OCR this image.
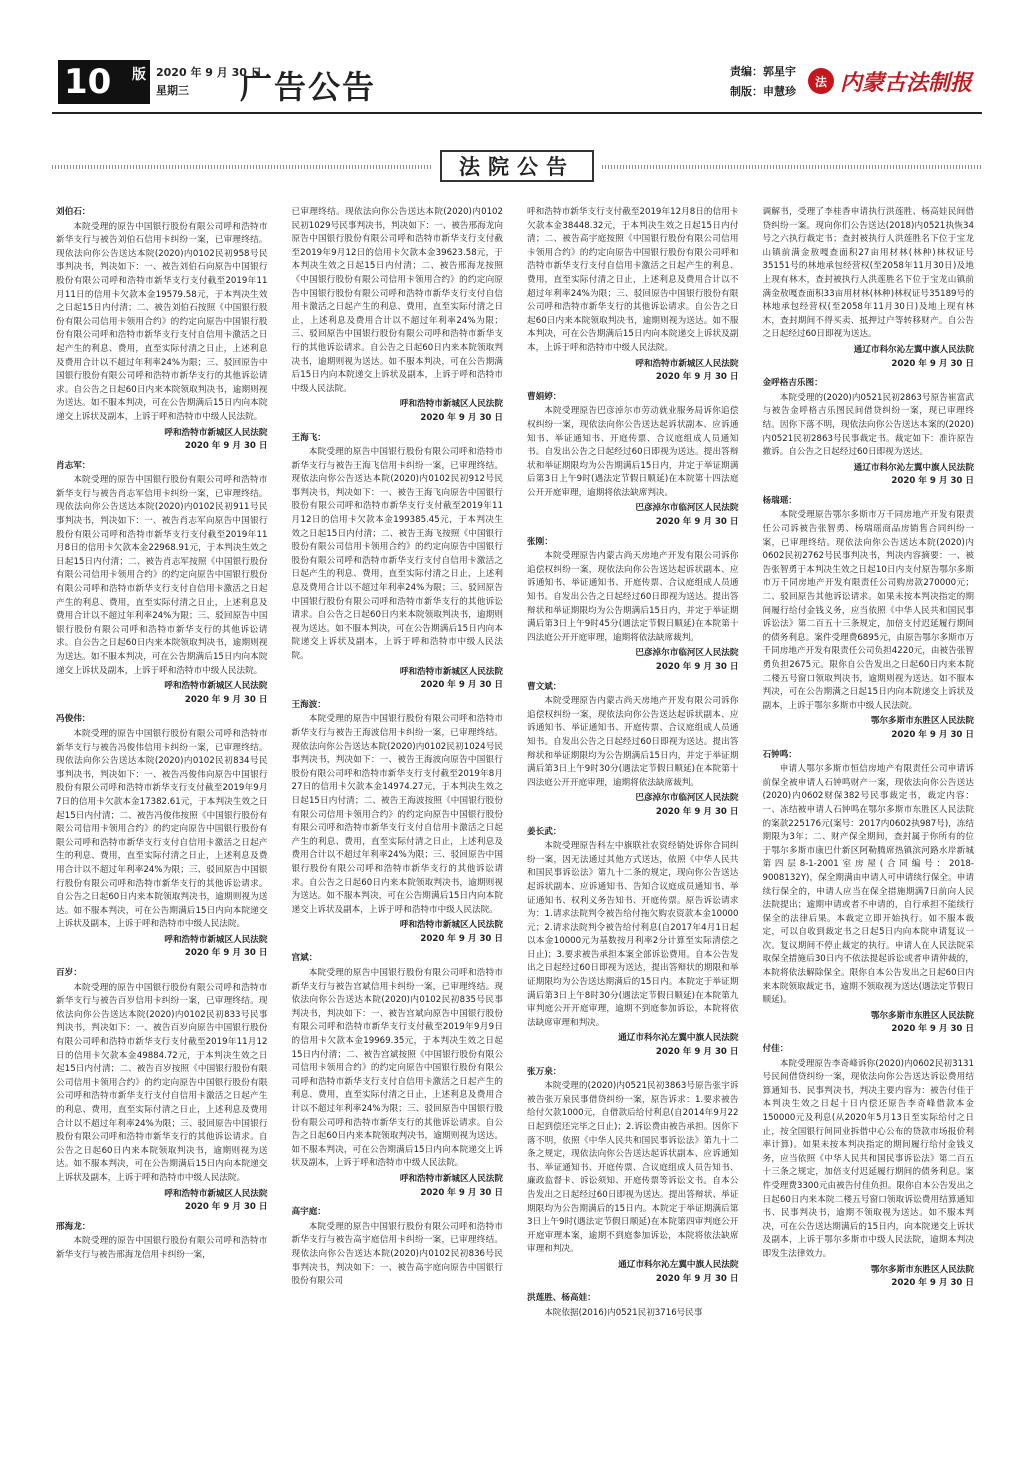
10 版 2020 年 9 月 30 日
星期三	广告公告	责编：郭星宇
制版：申慧珍
法 内蒙古法制报
法院公告
刘伯石：
本院受理的原告中国银行股份有限公司呼和浩特市新华支行与被告刘伯石信用卡纠纷一案，已审理终结。现依法向你公告送达本院(2020)内0102民初958号民事判决书，判决如下：一、被告刘伯石向原告中国银行股份有限公司呼和浩特市新华支行支付截至2019年11月11日的信用卡欠款本金19579.58元，于本判决生效之日起15日内付清；二、被告刘伯石按照《中国银行股份有限公司信用卡领用合约》的约定向原告中国银行股份有限公司呼和浩特市新华支行支付自信用卡激活之日起产生的利息、费用，直至实际付清之日止，上述利息及费用合计以不超过年利率24%为限；三、驳回原告中国银行股份有限公司呼和浩特市新华支行的其他诉讼请求。自公告之日起60日内来本院领取判决书，逾期则视为送达。如不服本判决，可在公告期满后15日内向本院递交上诉状及副本，上诉于呼和浩特市中级人民法院。
呼和浩特市新城区人民法院
2020 年 9 月 30 日
肖志军：
本院受理的原告中国银行股份有限公司呼和浩特市新华支行与被告肖志军信用卡纠纷一案，已审理终结。现依法向你公告送达本院(2020)内0102民初911号民事判决书，判决如下：一、被告肖志军向原告中国银行股份有限公司呼和浩特市新华支行支付截至2019年11月8日的信用卡欠款本金22968.91元，于本判决生效之日起15日内付清；二、被告肖志军按照《中国银行股份有限公司信用卡领用合约》的约定向原告中国银行股份有限公司呼和浩特市新华支行支付自信用卡激活之日起产生的利息、费用，直至实际付清之日止，上述利息及费用合计以不超过年利率24%为限；三、驳回原告中国银行股份有限公司呼和浩特市新华支行的其他诉讼请求。自公告之日起60日内来本院领取判决书，逾期则视为送达。如不服本判决，可在公告期满后15日内向本院递交上诉状及副本，上诉于呼和浩特市中级人民法院。
呼和浩特市新城区人民法院
2020 年 9 月 30 日
冯俊伟：
本院受理的原告中国银行股份有限公司呼和浩特市新华支行与被告冯俊伟信用卡纠纷一案，已审理终结。现依法向你公告送达本院(2020)内0102民初834号民事判决书，判决如下：一、被告冯俊伟向原告中国银行股份有限公司呼和浩特市新华支行支付截至2019年9月7日的信用卡欠款本金17382.61元，于本判决生效之日起15日内付清；二、被告冯俊伟按照《中国银行股份有限公司信用卡领用合约》的约定向原告中国银行股份有限公司呼和浩特市新华支行支付自信用卡激活之日起产生的利息、费用，直至实际付清之日止，上述利息及费用合计以不超过年利率24%为限；三、驳回原告中国银行股份有限公司呼和浩特市新华支行的其他诉讼请求。自公告之日起60日内来本院领取判决书，逾期则视为送达。如不服本判决，可在公告期满后15日内向本院递交上诉状及副本，上诉于呼和浩特市中级人民法院。
呼和浩特市新城区人民法院
2020 年 9 月 30 日
百岁：
本院受理的原告中国银行股份有限公司呼和浩特市新华支行与被告百岁信用卡纠纷一案，已审理终结。现依法向你公告送达本院(2020)内0102民初833号民事判决书，判决如下：一、被告百岁向原告中国银行股份有限公司呼和浩特市新华支行支付截至2019年11月12日的信用卡欠款本金49884.72元，于本判决生效之日起15日内付清；二、被告百岁按照《中国银行股份有限公司信用卡领用合约》的约定向原告中国银行股份有限公司呼和浩特市新华支行支付自信用卡激活之日起产生的利息、费用，直至实际付清之日止，上述利息及费用合计以不超过年利率24%为限；三、驳回原告中国银行股份有限公司呼和浩特市新华支行的其他诉讼请求。自公告之日起60日内来本院领取判决书，逾期则视为送达。如不服本判决，可在公告期满后15日内向本院递交上诉状及副本，上诉于呼和浩特市中级人民法院。
呼和浩特市新城区人民法院
2020 年 9 月 30 日
邢海龙：
本院受理的原告中国银行股份有限公司呼和浩特市新华支行与被告邢海龙信用卡纠纷一案，
已审理终结。现依法向你公告送达本院(2020)内0102民初1029号民事判决书，判决如下：一、被告邢海龙向原告中国银行股份有限公司呼和浩特市新华支行支付截至2019年9月12日的信用卡欠款本金39623.58元，于本判决生效之日起15日内付清；二、被告邢海龙按照《中国银行股份有限公司信用卡领用合约》的约定向原告中国银行股份有限公司呼和浩特市新华支行支付自信用卡激活之日起产生的利息、费用，直至实际付清之日止，上述利息及费用合计以不超过年利率24%为限；三、驳回原告中国银行股份有限公司呼和浩特市新华支行的其他诉讼请求。自公告之日起60日内来本院领取判决书，逾期则视为送达。如不服本判决，可在公告期满后15日内向本院递交上诉状及副本，上诉于呼和浩特市中级人民法院。
呼和浩特市新城区人民法院
2020 年 9 月 30 日
王海飞：
本院受理的原告中国银行股份有限公司呼和浩特市新华支行与被告王海飞信用卡纠纷一案，已审理终结。现依法向你公告送达本院(2020)内0102民初912号民事判决书，判决如下：一、被告王海飞向原告中国银行股份有限公司呼和浩特市新华支行支付截至2019年11月12日的信用卡欠款本金199385.45元，于本判决生效之日起15日内付清；二、被告王海飞按照《中国银行股份有限公司信用卡领用合约》的约定向原告中国银行股份有限公司呼和浩特市新华支行支付自信用卡激活之日起产生的利息、费用，直至实际付清之日止，上述利息及费用合计以不超过年利率24%为限；三、驳回原告中国银行股份有限公司呼和浩特市新华支行的其他诉讼请求。自公告之日起60日内来本院领取判决书，逾期则视为送达。如不服本判决，可在公告期满后15日内向本院递交上诉状及副本，上诉于呼和浩特市中级人民法院。
呼和浩特市新城区人民法院
2020 年 9 月 30 日
王海波：
本院受理的原告中国银行股份有限公司呼和浩特市新华支行与被告王海波信用卡纠纷一案，已审理终结。现依法向你公告送达本院(2020)内0102民初1024号民事判决书，判决如下：一、被告王海波向原告中国银行股份有限公司呼和浩特市新华支行支付截至2019年8月27日的信用卡欠款本金14974.27元，于本判决生效之日起15日内付清；二、被告王海波按照《中国银行股份有限公司信用卡领用合约》的约定向原告中国银行股份有限公司呼和浩特市新华支行支付自信用卡激活之日起产生的利息、费用，直至实际付清之日止，上述利息及费用合计以不超过年利率24%为限；三、驳回原告中国银行股份有限公司呼和浩特市新华支行的其他诉讼请求。自公告之日起60日内来本院领取判决书，逾期则视为送达。如不服本判决，可在公告期满后15日内向本院递交上诉状及副本，上诉于呼和浩特市中级人民法院。
呼和浩特市新城区人民法院
2020 年 9 月 30 日
宫斌：
本院受理的原告中国银行股份有限公司呼和浩特市新华支行与被告宫斌信用卡纠纷一案，已审理终结。现依法向你公告送达本院(2020)内0102民初835号民事判决书，判决如下：一、被告宫斌向原告中国银行股份有限公司呼和浩特市新华支行支付截至2019年9月9日的信用卡欠款本金19969.35元，于本判决生效之日起15日内付清；二、被告宫斌按照《中国银行股份有限公司信用卡领用合约》的约定向原告中国银行股份有限公司呼和浩特市新华支行支付自信用卡激活之日起产生的利息、费用，直至实际付清之日止，上述利息及费用合计以不超过年利率24%为限；三、驳回原告中国银行股份有限公司呼和浩特市新华支行的其他诉讼请求。自公告之日起60日内来本院领取判决书，逾期则视为送达。如不服本判决，可在公告期满后15日内向本院递交上诉状及副本，上诉于呼和浩特市中级人民法院。
呼和浩特市新城区人民法院
2020 年 9 月 30 日
高宇庭：
本院受理的原告中国银行股份有限公司呼和浩特市新华支行与被告高宇庭信用卡纠纷一案，已审理终结。现依法向你公告送达本院(2020)内0102民初836号民事判决书，判决如下：一、被告高宇庭向原告中国银行股份有限公司
呼和浩特市新华支行支付截至2019年12月8日的信用卡欠款本金38448.32元，于本判决生效之日起15日内付清；二、被告高宇庭按照《中国银行股份有限公司信用卡领用合约》的约定向原告中国银行股份有限公司呼和浩特市新华支行支付自信用卡激活之日起产生的利息、费用，直至实际付清之日止，上述利息及费用合计以不超过年利率24%为限；三、驳回原告中国银行股份有限公司呼和浩特市新华支行的其他诉讼请求。自公告之日起60日内来本院领取判决书，逾期则视为送达。如不服本判决，可在公告期满后15日内向本院递交上诉状及副本，上诉于呼和浩特市中级人民法院。
呼和浩特市新城区人民法院
2020 年 9 月 30 日
曹娟婷：
本院受理原告巴彦淖尔市劳动就业服务局诉你追偿权纠纷一案，现依法向你公告送达起诉状副本、应诉通知书、举证通知书、开庭传票、合议庭组成人员通知书。自发出公告之日起经过60日即视为送达。提出答辩状和举证期限均为公告期满后15日内，并定于举证期满后第3日上午9时(遇法定节假日顺延)在本院第十四法庭公开开庭审理，逾期将依法缺席判决。
巴彦淖尔市临河区人民法院
2020 年 9 月 30 日
张刚：
本院受理原告内蒙古尚天房地产开发有限公司诉你追偿权纠纷一案，现依法向你公告送达起诉状副本、应诉通知书、举证通知书、开庭传票、合议庭组成人员通知书。自发出公告之日起经过60日即视为送达。提出答辩状和举证期限均为公告期满后15日内，并定于举证期满后第3日上午9时45分(遇法定节假日顺延)在本院第十四法庭公开开庭审理，逾期将依法缺席裁判。
巴彦淖尔市临河区人民法院
2020 年 9 月 30 日
曹文斌：
本院受理原告内蒙古尚天房地产开发有限公司诉你追偿权纠纷一案，现依法向你公告送达起诉状副本、应诉通知书、举证通知书、开庭传票、合议庭组成人员通知书。自发出公告之日起经过60日即视为送达。提出答辩状和举证期限均为公告期满后15日内，并定于举证期满后第3日上午9时30分(遇法定节假日顺延)在本院第十四法庭公开开庭审理，逾期将依法缺席裁判。
巴彦淖尔市临河区人民法院
2020 年 9 月 30 日
姜长武：
本院受理原告科左中旗联社农资经销处诉你合同纠纷一案，因无法通过其他方式送达，依照《中华人民共和国民事诉讼法》第九十二条的规定，现向你公告送达起诉状副本、应诉通知书、告知合议庭成员通知书、举证通知书、权利义务告知书、开庭传票。原告诉讼请求为：1.请求法院判令被告给付拖欠购农资款本金10000元；2.请求法院判令被告给付利息(自2017年4月1日起以本金10000元为基数按月利率2分计算至实际清偿之日止)；3.要求被告承担本案全部诉讼费用。自本公告发出之日起经过60日即视为送达，提出答辩状的期限和举证期限均为公告送达期满后的15日内。本院定于举证期满后第3日上午8时30分(遇法定节假日顺延)在本院第九审判庭公开开庭审理，逾期不到庭参加诉讼，本院将依法缺席审理和判决。
通辽市科尔沁左翼中旗人民法院
2020 年 9 月 30 日
张万泉：
本院受理的(2020)内0521民初3863号原告张宇诉被告张万泉民事借贷纠纷一案，原告诉求：1.要求被告给付欠款1000元，自借款后给付利息(自2014年9月22日起到偿还完毕之日止)；2.诉讼费由被告承担。因你下落不明，依照《中华人民共和国民事诉讼法》第九十二条之规定，现依法向你公告送达起诉状副本、应诉通知书、举证通知书、开庭传票、合议庭组成人员告知书、廉政监督卡、诉讼须知、开庭传票等诉讼文书。自本公告发出之日起经过60日即视为送达。提出答辩状、举证期限均为公告期满后的15日内。本院定于举证期满后第3日上午9时(遇法定节假日顺延)在本院第四审判庭公开开庭审理本案，逾期不到庭参加诉讼，本院将依法缺席审理和判决。
通辽市科尔沁左翼中旗人民法院
2020 年 9 月 30 日
洪莲胜、杨高娃：
本院依据(2016)内0521民初3716号民事
调解书，受理了李桂香申请执行洪莲胜、杨高娃民间借贷纠纷一案。现向你们公告送达(2018)内0521执恢34号之六执行裁定书；查封被执行人洪莲胜名下位于宝龙山镇前满金敖嘎查面积27亩用材林(林种)林权证号35151号的林地承包经营权(至2058年11月30日)及地上现有林木，查封被执行人洪莲胜名下位于宝龙山镇前满金敖嘎查面积33亩用材林(林种)林权证号35189号的林地承包经营权(至2058年11月30日)及地上现有林木，查封期间不得买卖、抵押过户等转移财产。自公告之日起经过60日即视为送达。
通辽市科尔沁左翼中旗人民法院
2020 年 9 月 30 日
金呼格吉乐图：
本院受理的(2020)内0521民初2863号原告崔富武与被告金呼格吉乐图民间借贷纠纷一案，现已审理终结。因你下落不明，现依法向你公告送达本案的(2020)内0521民初2863号民事裁定书。裁定如下：准许原告撤诉。自公告之日起经过60日即视为送达。
通辽市科尔沁左翼中旗人民法院
2020 年 9 月 30 日
杨瑞瑶：
本院受理原告鄂尔多斯市万千同房地产开发有限责任公司诉被告张智勇、杨瑞瑶商品房销售合同纠纷一案，已审理终结。现依法向你公告送达本院(2020)内0602民初2762号民事判决书，判决内容摘要：一、被告张智勇于本判决生效之日起10日内支付原告鄂尔多斯市万千同房地产开发有限责任公司购房款270000元；二、驳回原告其他诉讼请求。如果未按本判决指定的期间履行给付金钱义务，应当依照《中华人民共和国民事诉讼法》第二百五十三条规定，加倍支付迟延履行期间的债务利息。案件受理费6895元，由原告鄂尔多斯市万千同房地产开发有限责任公司负担4220元，由被告张智勇负担2675元。限你自公告发出之日起60日内来本院二楼五号窗口领取判决书，逾期则视为送达。如不服本判决，可在公告期满之日起15日内向本院递交上诉状及副本，上诉于鄂尔多斯市中级人民法院。
鄂尔多斯市东胜区人民法院
2020 年 9 月 30 日
石钟鸣：
申请人鄂尔多斯市恒信房地产有限责任公司申请诉前保全被申请人石钟鸣财产一案，现依法向你公告送达(2020)内0602财保382号民事裁定书，裁定内容：一、冻结被申请人石钟鸣在鄂尔多斯市东胜区人民法院的案款225176元(案号：2017内0602执987号)，冻结期限为3年；二、财产保全期间，查封属于你所有的位于鄂尔多斯市康巴什新区阿勒腾席热镇滨河路水岸新城第四层8-1-2001室房屋(合同编号：2018-9008132Y)，保全期满由申请人可申请续行保全。申请续行保全的，申请人应当在保全措施期满7日前向人民法院提出；逾期申请或者不申请的，自行承担不能续行保全的法律后果。本裁定立即开始执行。如不服本裁定，可以自收到裁定书之日起5日内向本院申请复议一次。复议期间不停止裁定的执行。申请人在人民法院采取保全措施后30日内不依法提起诉讼或者申请仲裁的，本院将依法解除保全。限你自本公告发出之日起60日内来本院领取裁定书，逾期不领取视为送达(遇法定节假日顺延)。
鄂尔多斯市东胜区人民法院
2020 年 9 月 30 日
付佳：
本院受理原告李奇峰诉你(2020)内0602民初3131号民间借贷纠纷一案，现依法向你公告送达诉讼费用结算通知书、民事判决书，判决主要内容为：被告付佳于本判决生效之日起十日内偿还原告李奇峰借款本金150000元及利息(从2020年5月13日至实际给付之日止，按全国银行间同业拆借中心公布的贷款市场报价利率计算)。如果未按本判决指定的期间履行给付金钱义务，应当依照《中华人民共和国民事诉讼法》第二百五十三条之规定，加倍支付迟延履行期间的债务利息。案件受理费3300元由被告付佳负担。限你自本公告发出之日起60日内来本院二楼五号窗口领取诉讼费用结算通知书、民事判决书，逾期不领取视为送达。如不服本判决，可在公告送达期满后的15日内，向本院递交上诉状及副本，上诉于鄂尔多斯市中级人民法院，逾期本判决即发生法律效力。
鄂尔多斯市东胜区人民法院
2020 年 9 月 30 日
